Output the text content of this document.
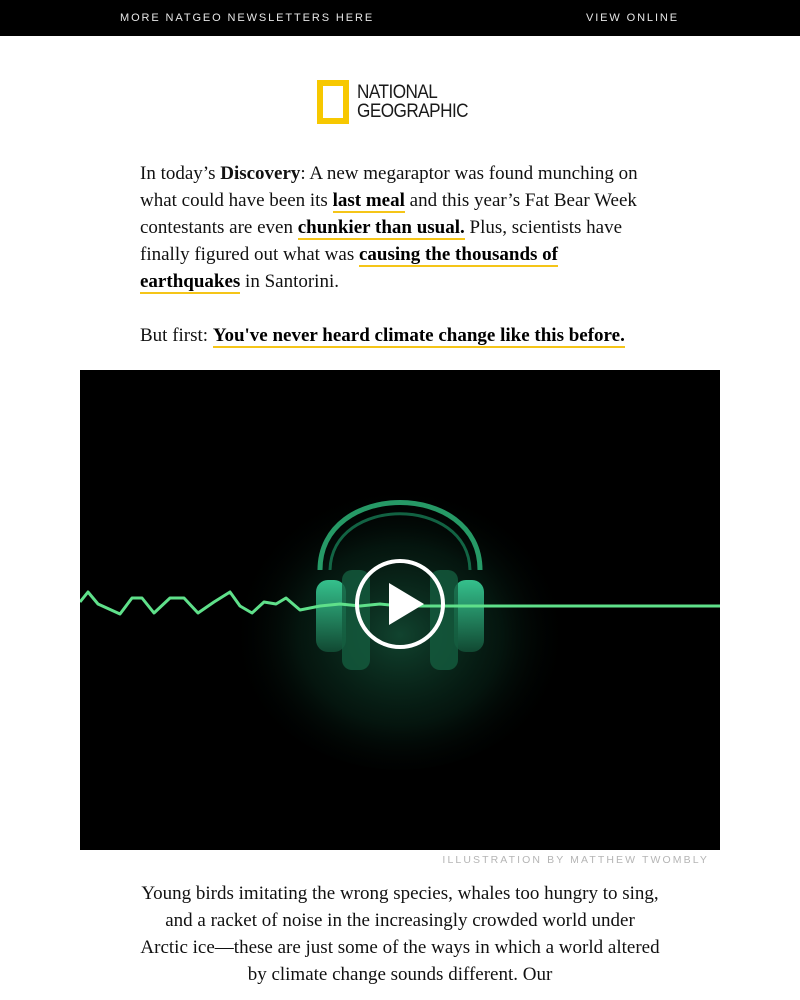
MORE NATGEO NEWSLETTERS HERE	VIEW ONLINE
NATIONAL
GEOGRAPHIC

In today’s Discovery: A new megaraptor was found munching on what could have been its last meal and this year’s Fat Bear Week contestants are even chunkier than usual. Plus, scientists have finally figured out what was causing the thousands of earthquakes in Santorini.

But first: You've never heard climate change like this before.

ILLUSTRATION BY MATTHEW TWOMBLY

Young birds imitating the wrong species, whales too hungry to sing, and a racket of noise in the increasingly crowded world under Arctic ice—these are just some of the ways in which a world altered by climate change sounds different. Our
